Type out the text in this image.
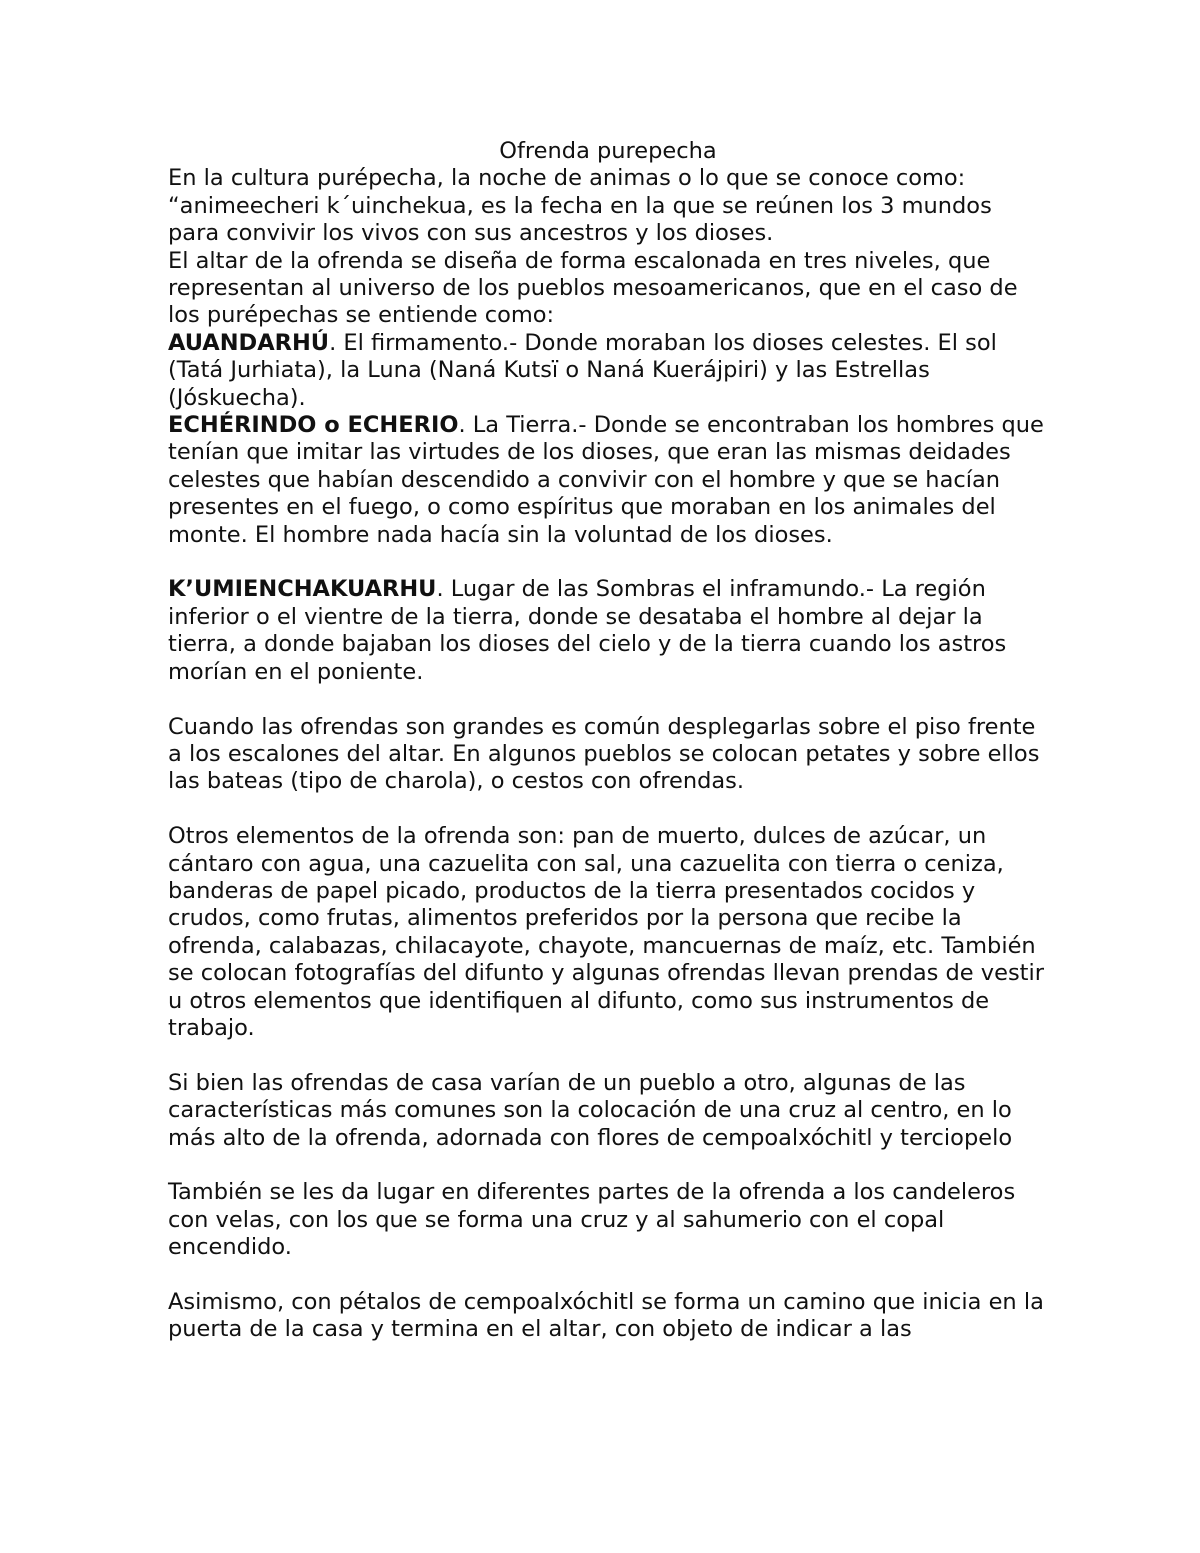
Ofrenda purepecha

En la cultura purépecha, la noche de animas o lo que se conoce como: “animeecheri k´uinchekua, es la fecha en la que se reúnen los 3 mundos para convivir los vivos con sus ancestros y los dioses.

El altar de la ofrenda se diseña de forma escalonada en tres niveles, que representan al universo de los pueblos mesoamericanos, que en el caso de los purépechas se entiende como:

AUANDARHÚ. El firmamento.- Donde moraban los dioses celestes. El sol (Tatá Jurhiata), la Luna (Naná Kutsï o Naná Kuerájpiri) y las Estrellas (Jóskuecha).

ECHÉRINDO o ECHERIO. La Tierra.- Donde se encontraban los hombres que tenían que imitar las virtudes de los dioses, que eran las mismas deidades celestes que habían descendido a convivir con el hombre y que se hacían presentes en el fuego, o como espíritus que moraban en los animales del monte. El hombre nada hacía sin la voluntad de los dioses.

K’UMIENCHAKUARHU. Lugar de las Sombras el inframundo.- La región inferior o el vientre de la tierra, donde se desataba el hombre al dejar la tierra, a donde bajaban los dioses del cielo y de la tierra cuando los astros morían en el poniente.

Cuando las ofrendas son grandes es común desplegarlas sobre el piso frente a los escalones del altar. En algunos pueblos se colocan petates y sobre ellos las bateas (tipo de charola), o cestos con ofrendas.

Otros elementos de la ofrenda son: pan de muerto, dulces de azúcar, un cántaro con agua, una cazuelita con sal, una cazuelita con tierra o ceniza, banderas de papel picado, productos de la tierra presentados cocidos y crudos, como frutas, alimentos preferidos por la persona que recibe la ofrenda, calabazas, chilacayote, chayote, mancuernas de maíz, etc. También se colocan fotografías del difunto y algunas ofrendas llevan prendas de vestir u otros elementos que identifiquen al difunto, como sus instrumentos de trabajo.

Si bien las ofrendas de casa varían de un pueblo a otro, algunas de las características más comunes son la colocación de una cruz al centro, en lo más alto de la ofrenda, adornada con flores de cempoalxóchitl y terciopelo

También se les da lugar en diferentes partes de la ofrenda a los candeleros con velas, con los que se forma una cruz y al sahumerio con el copal encendido.

Asimismo, con pétalos de cempoalxóchitl se forma un camino que inicia en la puerta de la casa y termina en el altar, con objeto de indicar a las
